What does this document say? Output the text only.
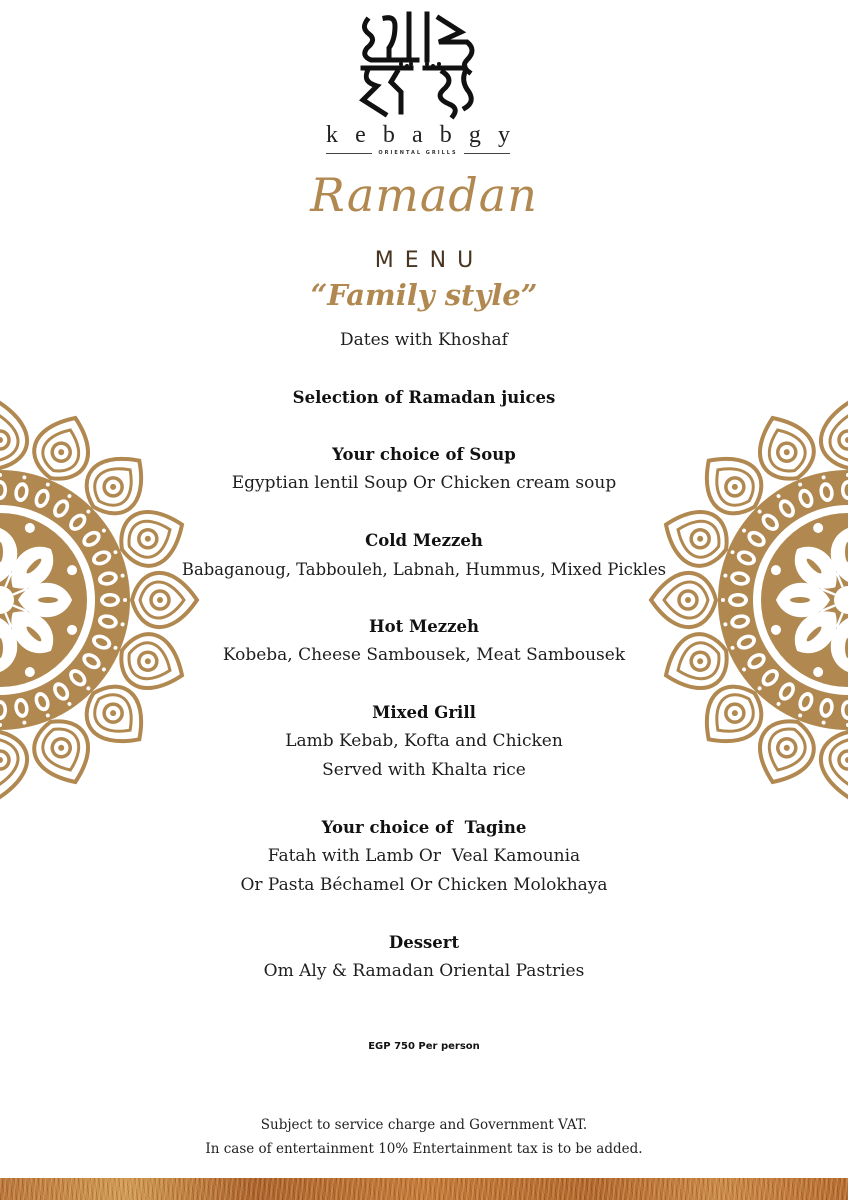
k e b a b g y
ORIENTAL GRILLS
Ramadan
MENU
“Family style”
Dates with Khoshaf
Selection of Ramadan juices
Your choice of Soup
Egyptian lentil Soup Or Chicken cream soup
Cold Mezzeh
Babaganoug, Tabbouleh, Labnah, Hummus, Mixed Pickles
Hot Mezzeh
Kobeba, Cheese Sambousek, Meat Sambousek
Mixed Grill
Lamb Kebab, Kofta and Chicken
Served with Khalta rice
Your choice of  Tagine
Fatah with Lamb Or  Veal Kamounia
Or Pasta Béchamel Or Chicken Molokhaya
Dessert
Om Aly & Ramadan Oriental Pastries
EGP 750 Per person
Subject to service charge and Government VAT.
In case of entertainment 10% Entertainment tax is to be added.
